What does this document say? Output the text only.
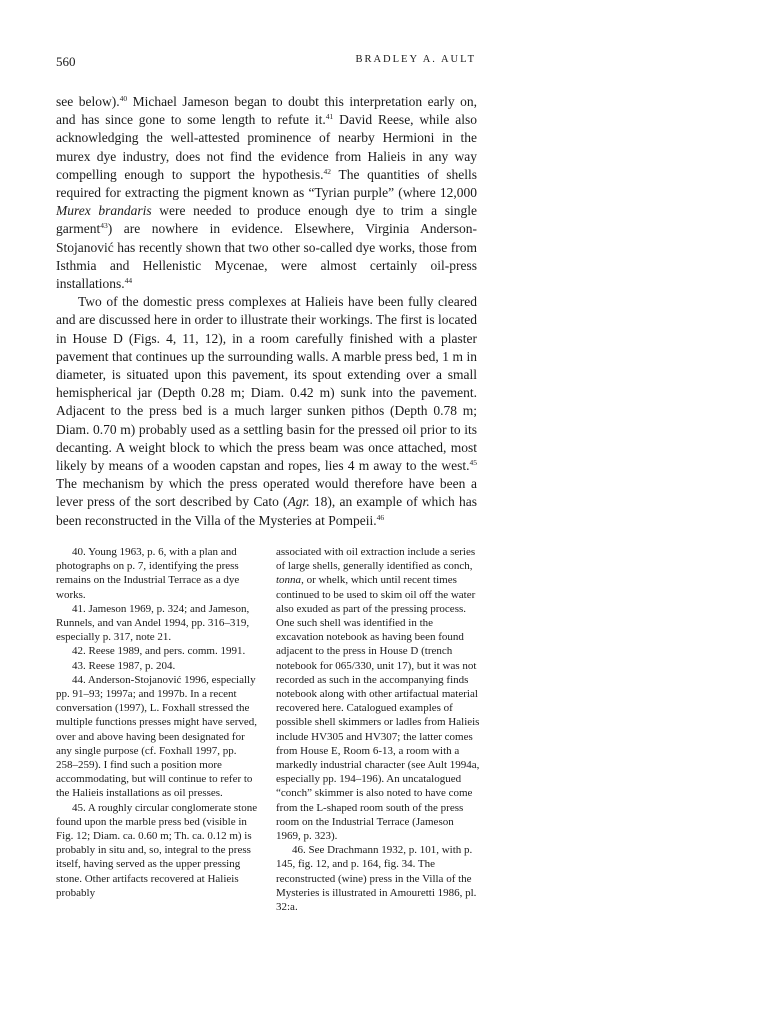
560	BRADLEY A. AULT

see below).$^{40}$ Michael Jameson began to doubt this interpretation early on, and has since gone to some length to refute it.$^{41}$ David Reese, while also acknowledging the well-attested prominence of nearby Hermioni in the murex dye industry, does not find the evidence from Halieis in any way compelling enough to support the hypothesis.$^{42}$ The quantities of shells required for extracting the pigment known as “Tyrian purple” (where 12,000 Murex brandaris were needed to produce enough dye to trim a single garment$^{43}$) are nowhere in evidence. Elsewhere, Virginia Anderson-Stojanović has recently shown that two other so-called dye works, those from Isthmia and Hellenistic Mycenae, were almost certainly oil-press installations.$^{44}$

Two of the domestic press complexes at Halieis have been fully cleared and are discussed here in order to illustrate their workings. The first is located in House D (Figs. 4, 11, 12), in a room carefully finished with a plaster pavement that continues up the surrounding walls. A marble press bed, 1 m in diameter, is situated upon this pavement, its spout extending over a small hemispherical jar (Depth 0.28 m; Diam. 0.42 m) sunk into the pavement. Adjacent to the press bed is a much larger sunken pithos (Depth 0.78 m; Diam. 0.70 m) probably used as a settling basin for the pressed oil prior to its decanting. A weight block to which the press beam was once attached, most likely by means of a wooden capstan and ropes, lies 4 m away to the west.$^{45}$ The mechanism by which the press operated would therefore have been a lever press of the sort described by Cato (Agr. 18), an example of which has been reconstructed in the Villa of the Mysteries at Pompeii.$^{46}$

40. Young 1963, p. 6, with a plan and photographs on p. 7, identifying the press remains on the Industrial Terrace as a dye works.

41. Jameson 1969, p. 324; and Jameson, Runnels, and van Andel 1994, pp. 316–319, especially p. 317, note 21.

42. Reese 1989, and pers. comm. 1991.

43. Reese 1987, p. 204.

44. Anderson-Stojanović 1996, especially pp. 91–93; 1997a; and 1997b. In a recent conversation (1997), L. Foxhall stressed the multiple functions presses might have served, over and above having been designated for any single purpose (cf. Foxhall 1997, pp. 258–259). I find such a position more accommodating, but will continue to refer to the Halieis installations as oil presses.

45. A roughly circular conglomerate stone found upon the marble press bed (visible in Fig. 12; Diam. ca. 0.60 m; Th. ca. 0.12 m) is probably in situ and, so, integral to the press itself, having served as the upper pressing stone. Other artifacts recovered at Halieis probably

associated with oil extraction include a series of large shells, generally identified as conch, tonna, or whelk, which until recent times continued to be used to skim oil off the water also exuded as part of the pressing process. One such shell was identified in the excavation notebook as having been found adjacent to the press in House D (trench notebook for 065/330, unit 17), but it was not recorded as such in the accompanying finds notebook along with other artifactual material recovered here. Catalogued examples of possible shell skimmers or ladles from Halieis include HV305 and HV307; the latter comes from House E, Room 6-13, a room with a markedly industrial character (see Ault 1994a, especially pp. 194–196). An uncatalogued “conch” skimmer is also noted to have come from the L-shaped room south of the press room on the Industrial Terrace (Jameson 1969, p. 323).

46. See Drachmann 1932, p. 101, with p. 145, fig. 12, and p. 164, fig. 34. The reconstructed (wine) press in the Villa of the Mysteries is illustrated in Amouretti 1986, pl. 32:a.
